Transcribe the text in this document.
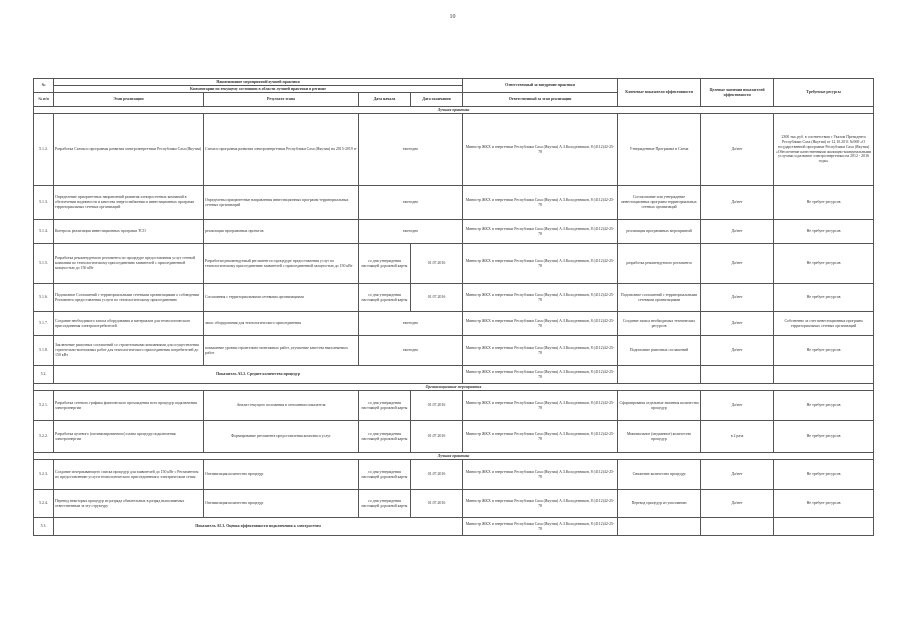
10
№	Наименование мероприятий/лучшей практики				Ответственный за внедрение практики	Ключевые показатели эффективности	Целевые значения показателей эффективности	Требуемые ресурсы
	Комментарии по текущему состоянию в области лучшей практики в регионе							
№ п/п	Этап реализации	Результат этапа	Дата начала	Дата окончания	Ответственный за этап реализации			
Лучшая практика								
5.1.2.	Разработка Схемы и программы развития электроэнергетики Республики Саха (Якутия)	Схема и программа развития электроэнергетики Республики Саха (Якутия) на 2015-2019 гг	ежегодно		Министр ЖКХ и энергетики Республики Саха (Якутия) А.З.Колодезников, 8 (4112)42-25-78	Утвержденные Программа и Схема	Да/нет	2300 тыс.руб. в соответствии с Указом Президента Республики Саха (Якутия) от 12.10.2011 №969 «О государственной программе Республики Саха (Якутия) «Обеспечение качественными жилищно-коммунальными услугами и развитие электроэнергетики на 2012 - 2016 годы»
5.1.3.	Определение приоритетных направлений развития электросетевых компаний в обеспечении надежности и качества энергоснабжения и инвестиционных программ территориальных сетевых организаций	Определены приоритетные направления инвестиционных программ территориальных сетевых организаций	ежегодно		Министр ЖКХ и энергетики Республики Саха (Якутия) А.З.Колодезников, 8 (4112)42-25-78	Согласование или утверждение инвестиционных программ территориальных сетевых организаций	Да/нет	Не требует ресурсов
5.1.4.	Контроль реализации инвестиционных программ ТСО	реализация программных проектов	ежегодно		Министр ЖКХ и энергетики Республики Саха (Якутия) А.З.Колодезников, 8 (4112)42-25-78	реализация программных мероприятий	Да/нет	Не требует ресурсов
5.1.5.	Разработка рекомендуемого регламента по процедуре предоставления услуг сетевой компании по технологическому присоединению заявителей с присоединенной мощностью до 150 кВт	Разработан рекомендуемый регламент по процедуре предоставления услуг по технологическому присоединению заявителей с присоединенной мощностью до 150 кВт	со дня утверждения настоящей дорожной карты	01.07.2016	Министр ЖКХ и энергетики Республики Саха (Якутия) А.З.Колодезников, 8 (4112)42-25-78	разработка рекомендуемого регламента	Да/нет	Не требует ресурсов
5.1.6.	Подписание Соглашений с территориальными сетевыми организациями о соблюдении Регламента предоставления услуги по технологическому присоединению	Соглашения с территориальными сетевыми организациями	со дня утверждения настоящей дорожной карты	01.07.2016	Министр ЖКХ и энергетики Республики Саха (Якутия) А.З.Колодезников, 8 (4112)42-25-78	Подписание соглашений с территориальными сетевыми организациями	Да/нет	Не требует ресурсов
5.1.7.	Создание необходимого запаса оборудования и материалов для технологического присоединения электропотребителей	запас оборудования для технологического присоединения	ежегодно		Министр ЖКХ и энергетики Республики Саха (Якутия) А.З.Колодезников, 8 (4112)42-25-78	Создание запаса необходимых технических ресурсов	Да/нет	Собственно за счет инвестиционных программ территориальных сетевых организаций
5.1.8.	Заключение рамочных соглашений со строительными компаниями для осуществления строительно-монтажных работ для технологического присоединения потребителей до 150 кВт	повышение уровня строительно-монтажных работ, улучшение качества выполняемых работ	ежегодно		Министр ЖКХ и энергетики Республики Саха (Якутия) А.З.Колодезников, 8 (4112)42-25-78	Подписание рамочных соглашений	Да/нет	Не требует ресурсов
5.2.	Показатель А5.2. Среднее количество процедур				Министр ЖКХ и энергетики Республики Саха (Якутия) А.З.Колодезников, 8 (4112)42-25-78			
Организационные мероприятия								
5.2.1.	Разработка сетевого графика фактического прохождения всех процедур подключения электроэнергии	Анализ текущего положения в отношении показателя	со дня утверждения настоящей дорожной карты	01.07.2016	Министр ЖКХ и энергетики Республики Саха (Якутия) А.З.Колодезников, 8 (4112)42-25-78	Сформированы отдельные значения количества процедур	Да/нет	Не требует ресурсов
5.2.2.	Разработка целевого (оптимизированного) плана процедур подключения электроэнергии	Формирование регламента предоставления комплекса услуг	со дня утверждения настоящей дорожной карты	01.07.2016	Министр ЖКХ и энергетики Республики Саха (Якутия) А.З.Колодезников, 8 (4112)42-25-78	Минимальное (медианное) количество процедур	в 2 раза	Не требует ресурсов
Лучшая практика								
5.2.3.	Создание исчерпывающего списка процедур для заявителей до 150 кВт с Регламентом по предоставлению услуги технологического присоединения к электрическим сетям	Оптимизация количества процедур	со дня утверждения настоящей дорожной карты	01.07.2016	Министр ЖКХ и энергетики Республики Саха (Якутия) А.З.Колодезников, 8 (4112)42-25-78	Снижение количества процедур	Да/нет	Не требует ресурсов
5.2.4.	Перевод некоторых процедур из разряда обязательных в разряд выполняемых ответственным за эту структуру	Оптимизация количества процедур	со дня утверждения настоящей дорожной карты	01.07.2016	Министр ЖКХ и энергетики Республики Саха (Якутия) А.З.Колодезников, 8 (4112)42-25-78	Перевод процедур из умолчанию	Да/нет	Не требует ресурсов
5.3.	Показатель А5.3. Оценка эффективности подключения к электросетям				Министр ЖКХ и энергетики Республики Саха (Якутия) А.З.Колодезников, 8 (4112)42-25-78			
